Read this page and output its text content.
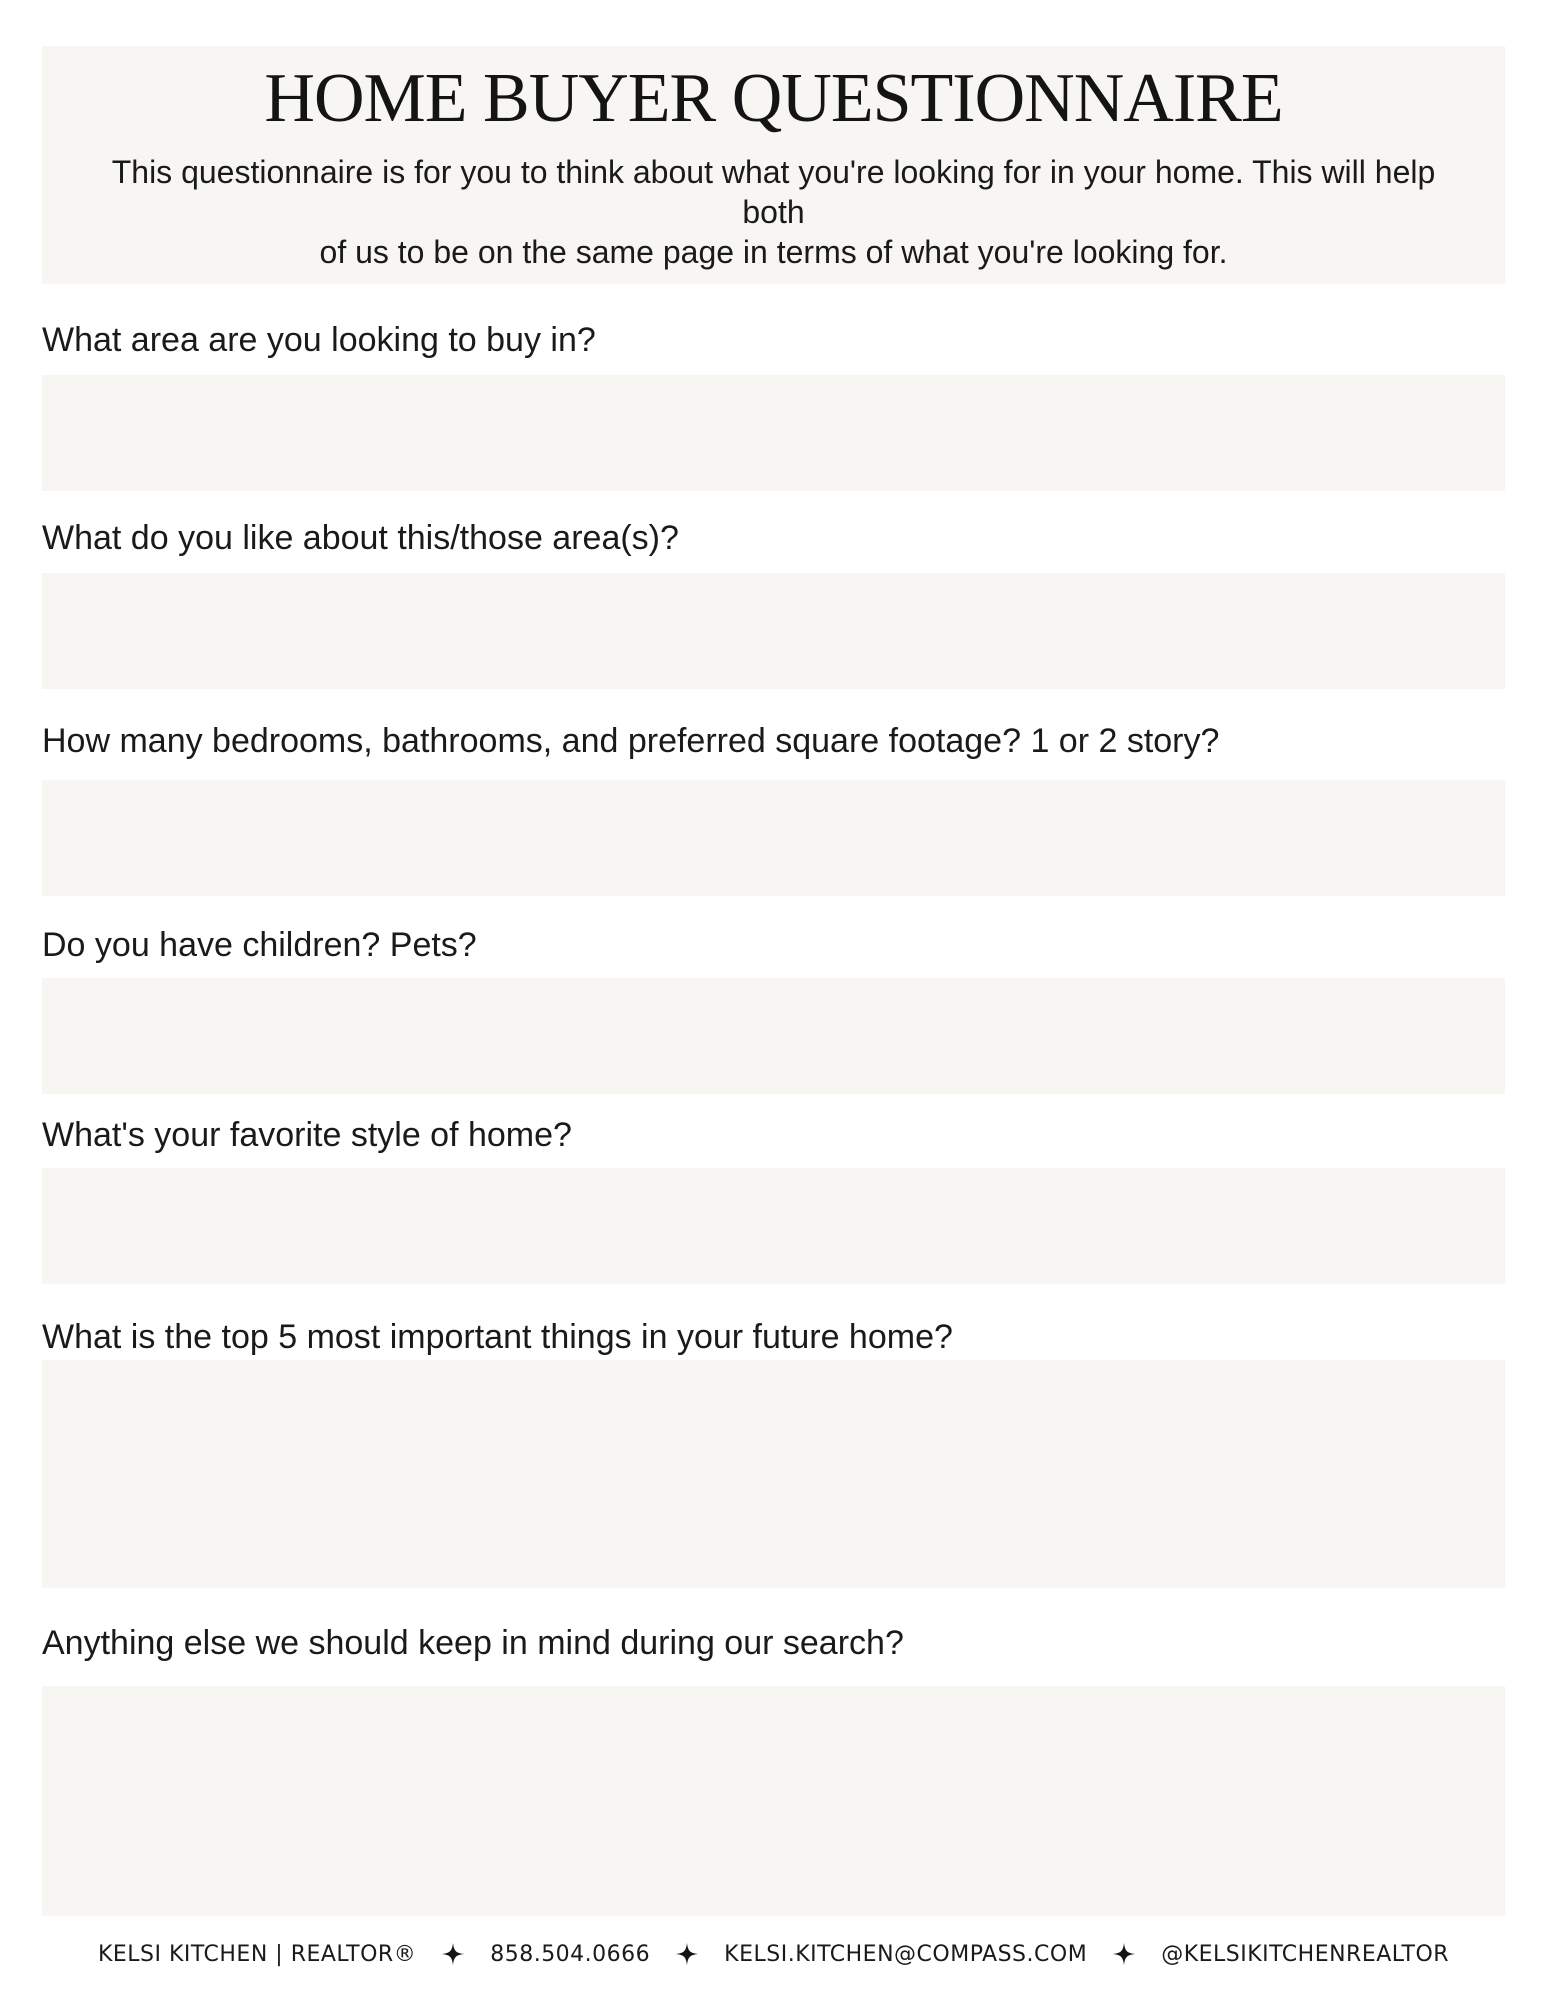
HOME BUYER QUESTIONNAIRE

This questionnaire is for you to think about what you're looking for in your home. This will help both
of us to be on the same page in terms of what you're looking for.

What area are you looking to buy in?

What do you like about this/those area(s)?

How many bedrooms, bathrooms, and preferred square footage? 1 or 2 story?

Do you have children? Pets?

What's your favorite style of home?

What is the top 5 most important things in your future home?

Anything else we should keep in mind during our search?

KELSI KITCHEN | REALTOR®	858.504.0666	KELSI.KITCHEN@COMPASS.COM	@KELSIKITCHENREALTOR
